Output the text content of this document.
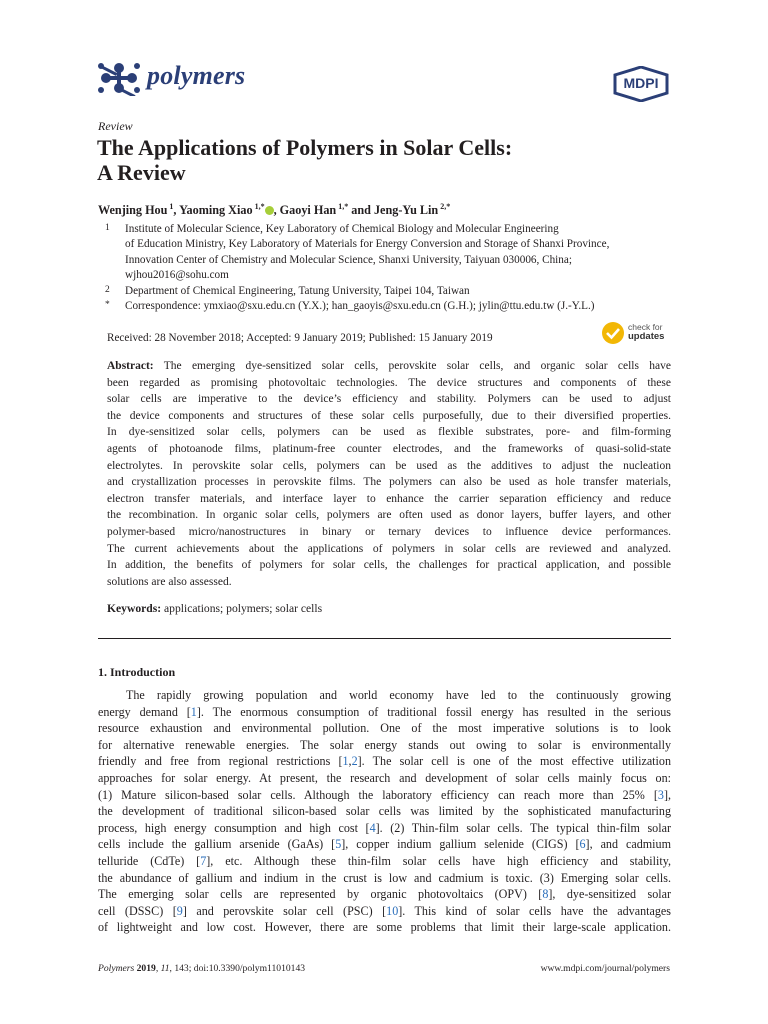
polymers	MDPI
Review
The Applications of Polymers in Solar Cells:
A Review
Wenjing Hou $^1$, Yaoming Xiao $^{1,*}$ , Gaoyi Han $^{1,*}$ and Jeng-Yu Lin $^{2,*}$
1 Institute of Molecular Science, Key Laboratory of Chemical Biology and Molecular Engineering
of Education Ministry, Key Laboratory of Materials for Energy Conversion and Storage of Shanxi Province,
Innovation Center of Chemistry and Molecular Science, Shanxi University, Taiyuan 030006, China;
wjhou2016@sohu.com
2 Department of Chemical Engineering, Tatung University, Taipei 104, Taiwan
* Correspondence: ymxiao@sxu.edu.cn (Y.X.); han_gaoyis@sxu.edu.cn (G.H.); jylin@ttu.edu.tw (J.-Y.L.)
Received: 28 November 2018; Accepted: 9 January 2019; Published: 15 January 2019
check for
updates
Abstract: The emerging dye-sensitized solar cells, perovskite solar cells, and organic solar cells have
been regarded as promising photovoltaic technologies. The device structures and components of these
solar cells are imperative to the device’s efficiency and stability. Polymers can be used to adjust
the device components and structures of these solar cells purposefully, due to their diversified properties.
In dye-sensitized solar cells, polymers can be used as flexible substrates, pore- and film-forming
agents of photoanode films, platinum-free counter electrodes, and the frameworks of quasi-solid-state
electrolytes. In perovskite solar cells, polymers can be used as the additives to adjust the nucleation
and crystallization processes in perovskite films. The polymers can also be used as hole transfer materials,
electron transfer materials, and interface layer to enhance the carrier separation efficiency and reduce
the recombination. In organic solar cells, polymers are often used as donor layers, buffer layers, and other
polymer-based micro/nanostructures in binary or ternary devices to influence device performances.
The current achievements about the applications of polymers in solar cells are reviewed and analyzed.
In addition, the benefits of polymers for solar cells, the challenges for practical application, and possible
solutions are also assessed.
Keywords: applications; polymers; solar cells
1. Introduction
The rapidly growing population and world economy have led to the continuously growing
energy demand [1]. The enormous consumption of traditional fossil energy has resulted in the serious
resource exhaustion and environmental pollution. One of the most imperative solutions is to look
for alternative renewable energies. The solar energy stands out owing to solar is environmentally
friendly and free from regional restrictions [1,2]. The solar cell is one of the most effective utilization
approaches for solar energy. At present, the research and development of solar cells mainly focus on:
(1) Mature silicon-based solar cells. Although the laboratory efficiency can reach more than 25% [3],
the development of traditional silicon-based solar cells was limited by the sophisticated manufacturing
process, high energy consumption and high cost [4]. (2) Thin-film solar cells. The typical thin-film solar
cells include the gallium arsenide (GaAs) [5], copper indium gallium selenide (CIGS) [6], and cadmium
telluride (CdTe) [7], etc. Although these thin-film solar cells have high efficiency and stability,
the abundance of gallium and indium in the crust is low and cadmium is toxic. (3) Emerging solar cells.
The emerging solar cells are represented by organic photovoltaics (OPV) [8], dye-sensitized solar
cell (DSSC) [9] and perovskite solar cell (PSC) [10]. This kind of solar cells have the advantages
of lightweight and low cost. However, there are some problems that limit their large-scale application.
Polymers 2019, 11, 143; doi:10.3390/polym11010143	www.mdpi.com/journal/polymers
